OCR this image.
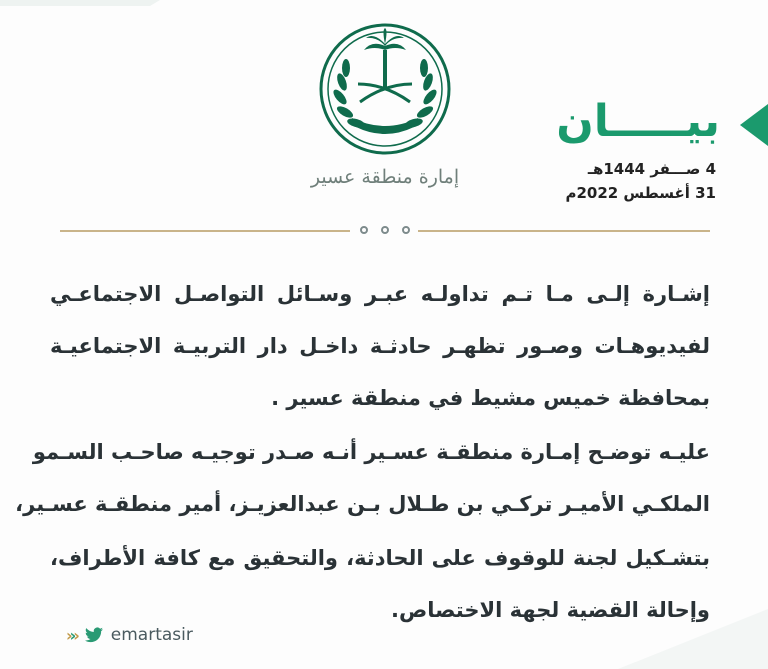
إمارة منطقة عسير
بيـــــان
4 صـــفر 1444هـ
31 أغسطس 2022م
إشـارة إلـى مـا تـم تداولـه عبـر وسـائل التواصـل الاجتماعـي
لفيديوهـات وصـور تظهـر حادثـة داخـل دار التربيـة الاجتماعيـة
بمحافظة خميس مشيط في منطقة عسير .
عليـه توضـح إمـارة منطقـة عسـير أنـه صـدر توجيـه صاحـب السـمو
الملكـي الأميـر تركـي بن طـلال بـن عبدالعزيـز، أمير منطقـة عسـير،
بتشـكيل لجنة للوقوف على الحادثة، والتحقيق مع كافة الأطراف،
وإحالة القضية لجهة الاختصاص.
››› emartasir
